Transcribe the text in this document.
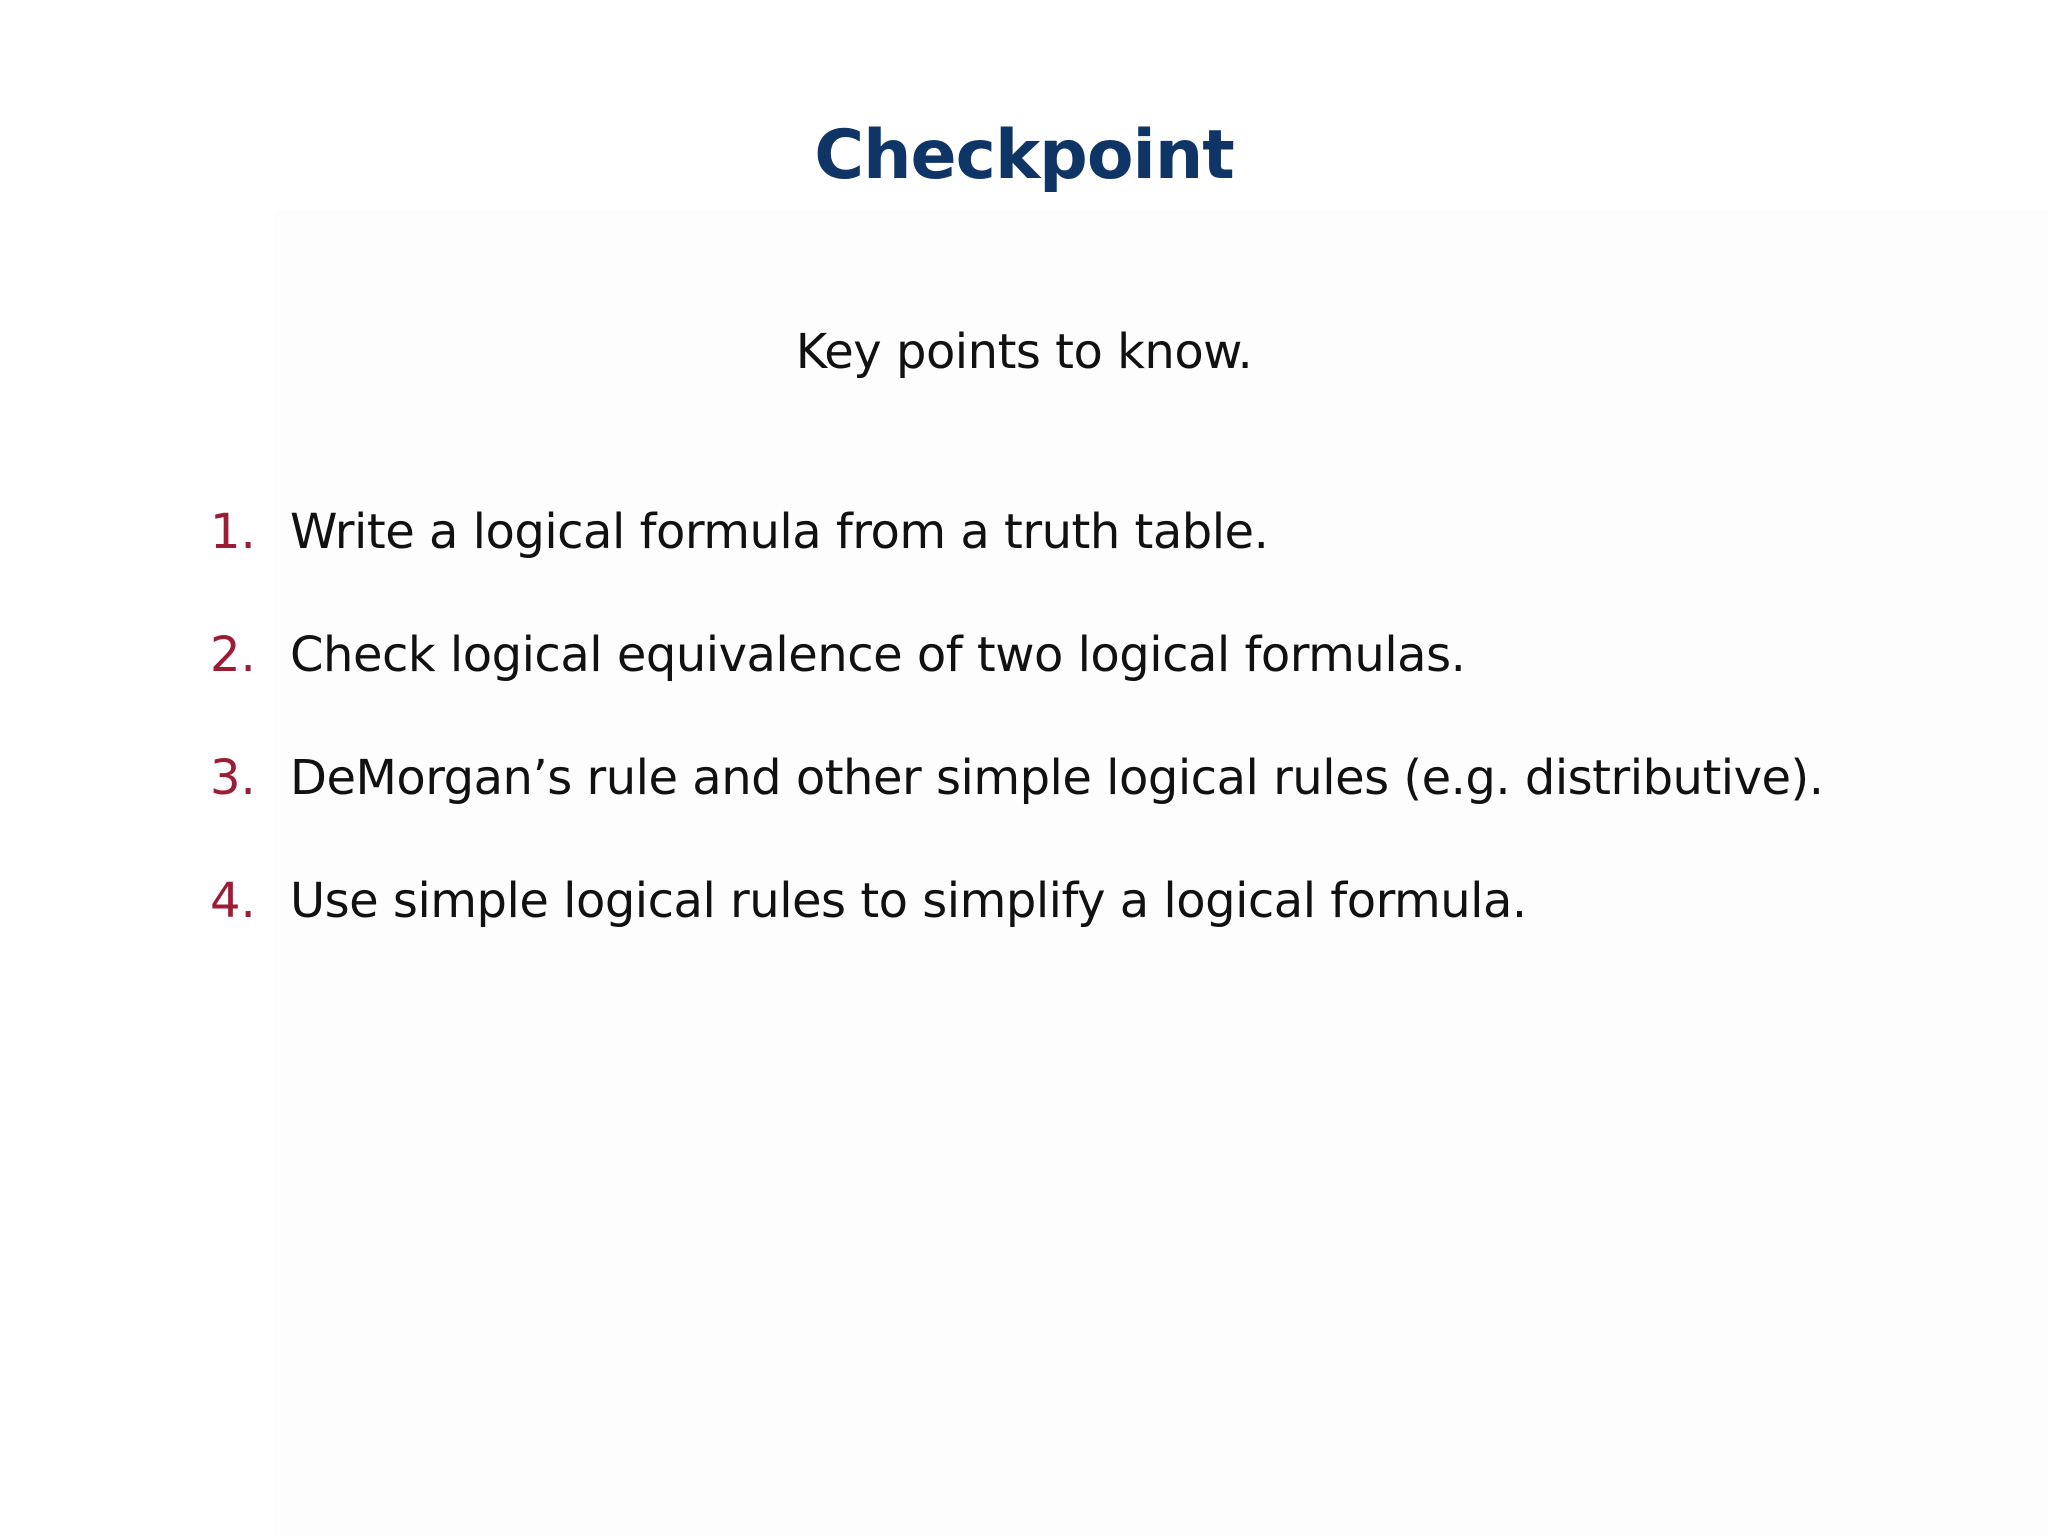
Checkpoint
Key points to know.
1. Write a logical formula from a truth table.
2. Check logical equivalence of two logical formulas.
3. DeMorgan’s rule and other simple logical rules (e.g. distributive).
4. Use simple logical rules to simplify a logical formula.
